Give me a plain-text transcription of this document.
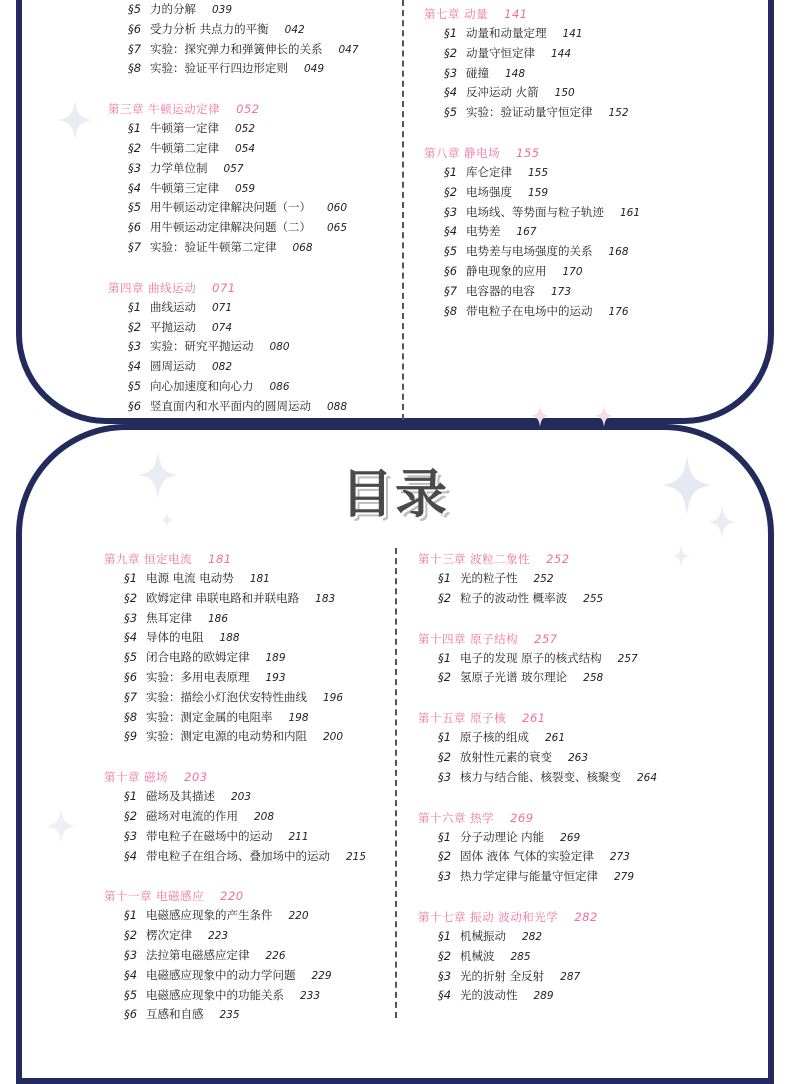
目录
§5 力的分解 039
§6 受力分析 共点力的平衡 042
§7 实验：探究弹力和弹簧伸长的关系 047
§8 实验：验证平行四边形定则 049
第三章 牛顿运动定律 052
§1 牛顿第一定律 052
§2 牛顿第二定律 054
§3 力学单位制 057
§4 牛顿第三定律 059
§5 用牛顿运动定律解决问题（一） 060
§6 用牛顿运动定律解决问题（二） 065
§7 实验：验证牛顿第二定律 068
第四章 曲线运动 071
§1 曲线运动 071
§2 平抛运动 074
§3 实验：研究平抛运动 080
§4 圆周运动 082
§5 向心加速度和向心力 086
§6 竖直面内和水平面内的圆周运动 088
第七章 动量 141
§1 动量和动量定理 141
§2 动量守恒定律 144
§3 碰撞 148
§4 反冲运动 火箭 150
§5 实验：验证动量守恒定律 152
第八章 静电场 155
§1 库仑定律 155
§2 电场强度 159
§3 电场线、等势面与粒子轨迹 161
§4 电势差 167
§5 电势差与电场强度的关系 168
§6 静电现象的应用 170
§7 电容器的电容 173
§8 带电粒子在电场中的运动 176
第九章 恒定电流 181
§1 电源 电流 电动势 181
§2 欧姆定律 串联电路和并联电路 183
§3 焦耳定律 186
§4 导体的电阻 188
§5 闭合电路的欧姆定律 189
§6 实验：多用电表原理 193
§7 实验：描绘小灯泡伏安特性曲线 196
§8 实验：测定金属的电阻率 198
§9 实验：测定电源的电动势和内阻 200
第十章 磁场 203
§1 磁场及其描述 203
§2 磁场对电流的作用 208
§3 带电粒子在磁场中的运动 211
§4 带电粒子在组合场、叠加场中的运动 215
第十一章 电磁感应 220
§1 电磁感应现象的产生条件 220
§2 楞次定律 223
§3 法拉第电磁感应定律 226
§4 电磁感应现象中的动力学问题 229
§5 电磁感应现象中的功能关系 233
§6 互感和自感 235
第十三章 波粒二象性 252
§1 光的粒子性 252
§2 粒子的波动性 概率波 255
第十四章 原子结构 257
§1 电子的发现 原子的核式结构 257
§2 氢原子光谱 玻尔理论 258
第十五章 原子核 261
§1 原子核的组成 261
§2 放射性元素的衰变 263
§3 核力与结合能、核裂变、核聚变 264
第十六章 热学 269
§1 分子动理论 内能 269
§2 固体 液体 气体的实验定律 273
§3 热力学定律与能量守恒定律 279
第十七章 振动 波动和光学 282
§1 机械振动 282
§2 机械波 285
§3 光的折射 全反射 287
§4 光的波动性 289
